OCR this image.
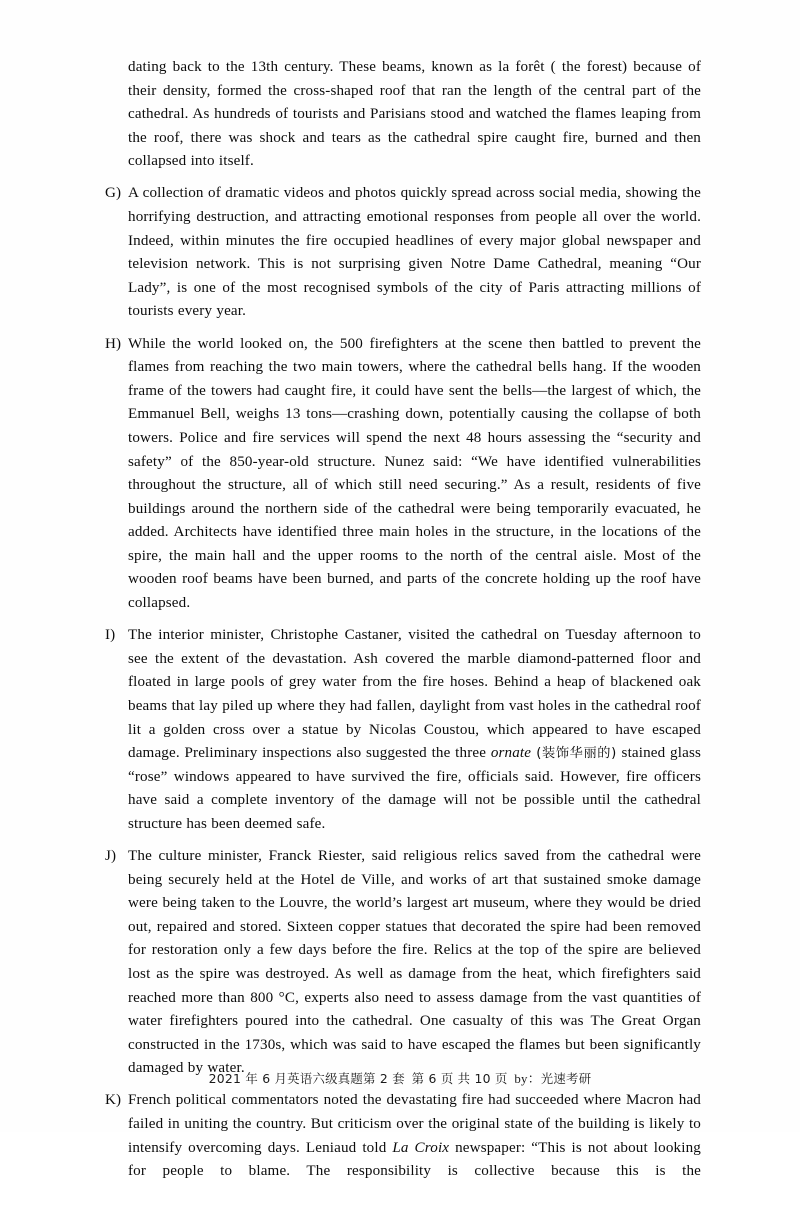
dating back to the 13th century. These beams, known as la forêt ( the forest) because of their density, formed the cross-shaped roof that ran the length of the central part of the cathedral. As hundreds of tourists and Parisians stood and watched the flames leaping from the roof, there was shock and tears as the cathedral spire caught fire, burned and then collapsed into itself.
G) A collection of dramatic videos and photos quickly spread across social media, showing the horrifying destruction, and attracting emotional responses from people all over the world. Indeed, within minutes the fire occupied headlines of every major global newspaper and television network. This is not surprising given Notre Dame Cathedral, meaning “Our Lady”, is one of the most recognised symbols of the city of Paris attracting millions of tourists every year.
H) While the world looked on, the 500 firefighters at the scene then battled to prevent the flames from reaching the two main towers, where the cathedral bells hang. If the wooden frame of the towers had caught fire, it could have sent the bells—the largest of which, the Emmanuel Bell, weighs 13 tons—crashing down, potentially causing the collapse of both towers. Police and fire services will spend the next 48 hours assessing the “security and safety” of the 850-year-old structure. Nunez said: “We have identified vulnerabilities throughout the structure, all of which still need securing.” As a result, residents of five buildings around the northern side of the cathedral were being temporarily evacuated, he added. Architects have identified three main holes in the structure, in the locations of the spire, the main hall and the upper rooms to the north of the central aisle. Most of the wooden roof beams have been burned, and parts of the concrete holding up the roof have collapsed.
I) The interior minister, Christophe Castaner, visited the cathedral on Tuesday afternoon to see the extent of the devastation. Ash covered the marble diamond-patterned floor and floated in large pools of grey water from the fire hoses. Behind a heap of blackened oak beams that lay piled up where they had fallen, daylight from vast holes in the cathedral roof lit a golden cross over a statue by Nicolas Coustou, which appeared to have escaped damage. Preliminary inspections also suggested the three ornate (装饰华丽的) stained glass “rose” windows appeared to have survived the fire, officials said. However, fire officers have said a complete inventory of the damage will not be possible until the cathedral structure has been deemed safe.
J) The culture minister, Franck Riester, said religious relics saved from the cathedral were being securely held at the Hotel de Ville, and works of art that sustained smoke damage were being taken to the Louvre, the world’s largest art museum, where they would be dried out, repaired and stored. Sixteen copper statues that decorated the spire had been removed for restoration only a few days before the fire. Relics at the top of the spire are believed lost as the spire was destroyed. As well as damage from the heat, which firefighters said reached more than 800 °C, experts also need to assess damage from the vast quantities of water firefighters poured into the cathedral. One casualty of this was The Great Organ constructed in the 1730s, which was said to have escaped the flames but been significantly damaged by water.
K) French political commentators noted the devastating fire had succeeded where Macron had failed in uniting the country. But criticism over the original state of the building is likely to intensify overcoming days. Leniaud told La Croix newspaper: “This is not about looking for people to blame. The responsibility is collective because this is the
2021 年 6 月英语六级真题第 2 套 第 6 页 共 10 页 by：光速考研
